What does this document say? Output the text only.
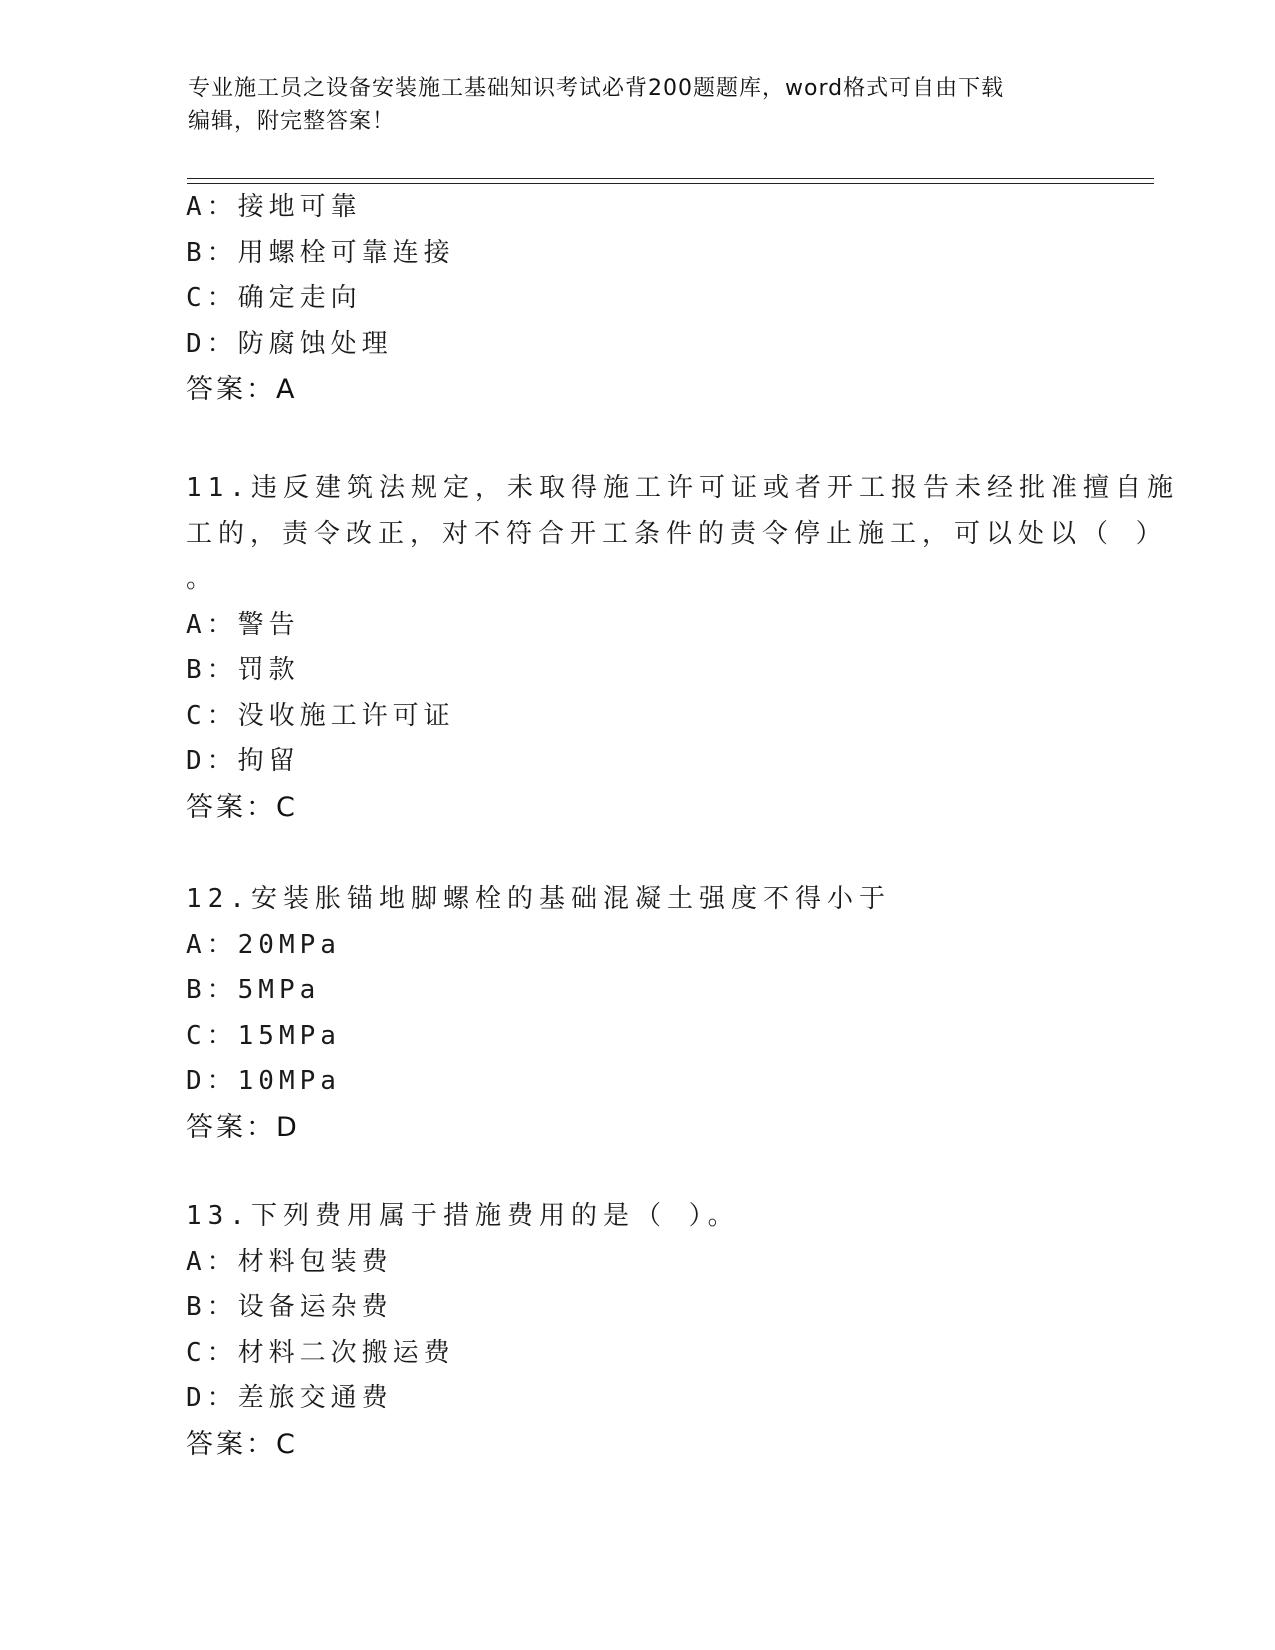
专业施工员之设备安装施工基础知识考试必背200题题库，word格式可自由下载
编辑，附完整答案！
A：接地可靠
B：用螺栓可靠连接
C：确定走向
D：防腐蚀处理
答案：A
11.违反建筑法规定，未取得施工许可证或者开工报告未经批准擅自施
工的，责令改正，对不符合开工条件的责令停止施工，可以处以（ ）
。
A：警告
B：罚款
C：没收施工许可证
D：拘留
答案：C
12.安装胀锚地脚螺栓的基础混凝土强度不得小于
A：20MPa
B：5MPa
C：15MPa
D：10MPa
答案：D
13.下列费用属于措施费用的是（ ）。
A：材料包装费
B：设备运杂费
C：材料二次搬运费
D：差旅交通费
答案：C
